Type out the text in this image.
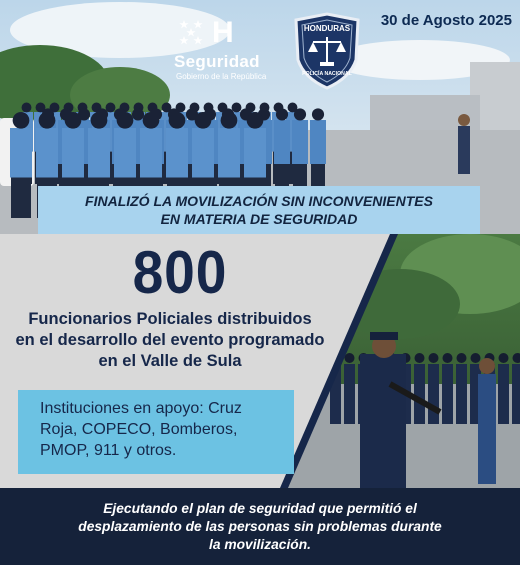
H
Seguridad
Gobierno de la República
HONDURAS
POLICÍA NACIONAL
30 de Agosto 2025
FINALIZÓ LA MOVILIZACIÓN SIN INCONVENIENTES
EN MATERIA DE SEGURIDAD
800
Funcionarios Policiales distribuidos
en el desarrollo del evento programado
en el Valle de Sula
Instituciones en apoyo: Cruz
Roja, COPECO, Bomberos,
PMOP, 911 y otros.
Ejecutando el plan de seguridad que permitió el
desplazamiento de las personas sin problemas durante
la movilización.
